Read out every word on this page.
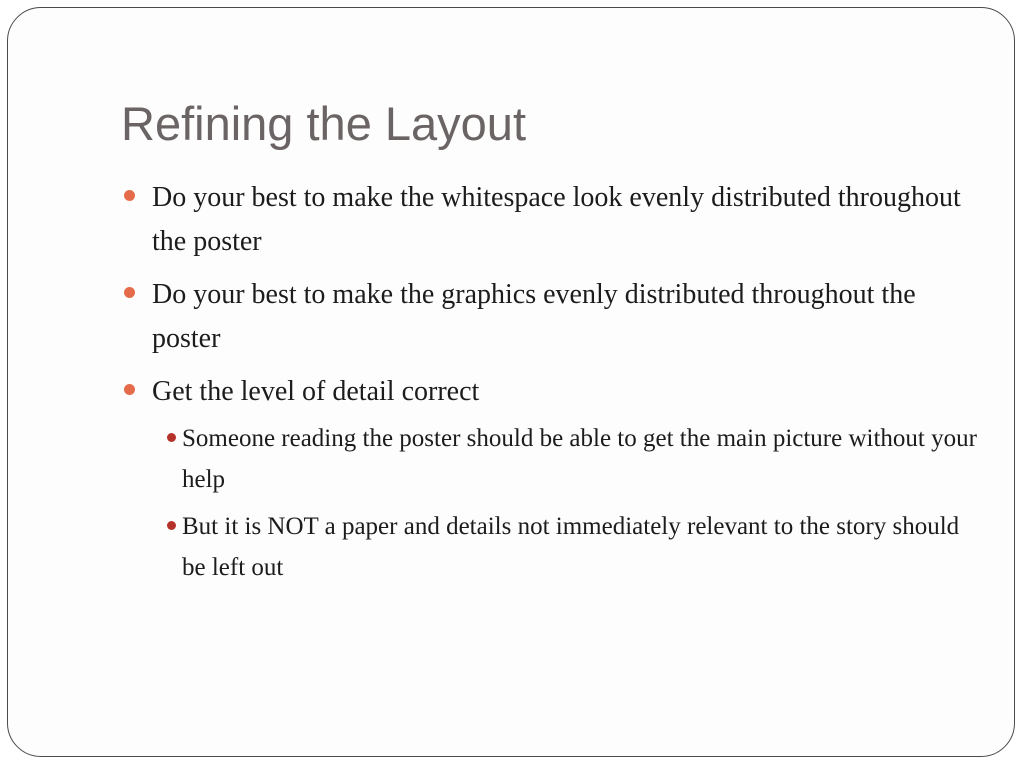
Refining the Layout
Do your best to make the whitespace look evenly distributed throughout the poster
Do your best to make the graphics evenly distributed throughout the poster
Get the level of detail correct
Someone reading the poster should be able to get the main picture without your help
But it is NOT a paper and details not immediately relevant to the story should be left out
